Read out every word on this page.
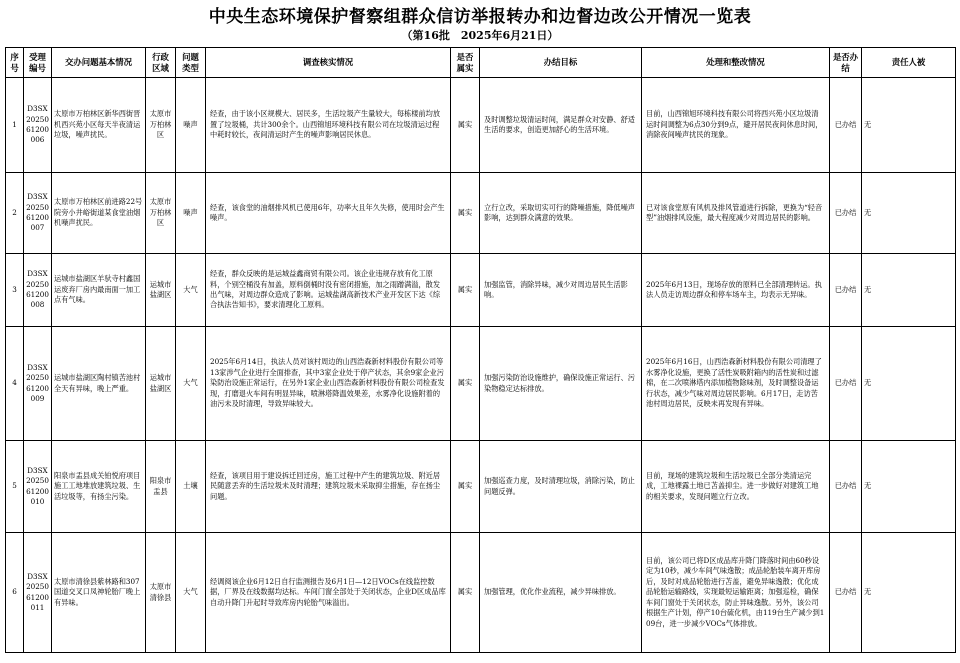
中央生态环境保护督察组群众信访举报转办和边督边改公开情况一览表
（第16批　2025年6月21日）
序号	受理编号	交办问题基本情况	行政区域	问题类型	调查核实情况	是否属实	办结目标	处理和整改情况	是否办结	责任人被
1	D3SX2025061200006	太原市万柏林区新华西街晋机西兴苑小区每天半夜清运垃圾，噪声扰民。	太原市万柏林区	噪声	经查，由于该小区规模大、居民多，生活垃圾产生量较大，每栋楼前均放置了垃圾桶，共计300余个。山西锦旭环境科技有限公司在垃圾清运过程中耗时较长，夜间清运时产生的噪声影响居民休息。	属实	及时调整垃圾清运时间，满足群众对安静、舒适生活的要求，创造更加舒心的生活环境。	目前，山西锦旭环境科技有限公司将西兴苑小区垃圾清运时间调整为6点30分到9点，避开居民夜间休息时间，消除夜间噪声扰民的现象。	已办结	无
2	D3SX2025061200007	太原市万柏林区前进路22号院旁小井峪街道某食堂油烟机噪声扰民。	太原市万柏林区	噪声	经查，该食堂的油烟排风机已使用6年，功率大且年久失修，使用时会产生噪声。	属实	立行立改，采取切实可行的降噪措施，降低噪声影响，达到群众满意的效果。	已对该食堂原有风机及排风管道进行拆除，更换为“轻音型”油烟排风设施，最大程度减少对周边居民的影响。	已办结	无
3	D3SX2025061200008	运城市盐湖区羊驮寺村鑫国运废弃厂房内最南面一加工点有气味。	运城市盐湖区	大气	经查，群众反映的是运城益鑫商贸有限公司。该企业违规存放有化工原料，个别空桶没有加盖，原料倒桶时没有密闭措施，加之雨蹭满溢，散发出气味，对周边群众造成了影响。运城盐湖高新技术产业开发区下达《综合执法告知书》，要求清理化工原料。	属实	加强监管，消除异味，减少对周边居民生活影响。	2025年6月13日，现场存放的原料已全部清理转运。执法人员走访周边群众和停车场车主，均表示无异味。	已办结	无
4	D3SX2025061200009	运城市盐湖区陶村镇苦池村全天有异味，晚上严重。	运城市盐湖区	大气	2025年6月14日，执法人员对该村周边的山西浩森新材料股份有限公司等13家涉气企业进行全面排查，其中3家企业处于停产状态，其余9家企业污染防治设施正常运行，在另外1家企业山西浩森新材料股份有限公司检查发现，打磨退火车间有明显异味，喷淋塔降温效果差，水雾净化设施附着的油污未及时清理，导致异味较大。	属实	加强污染防治设施维护，确保设施正常运行、污染物稳定达标排放。	2025年6月16日，山西浩森新材料股份有限公司清理了水雾净化设施，更换了活性炭吸附箱内的活性炭和过滤棉，在二次喷淋塔内添加植物除味剂，及时调整设备运行状态，减少气味对周边居民影响。6月17日，走访苦池村周边居民，反映未再发现有异味。	已办结	无
5	D3SX2025061200010	阳泉市盂县成关铂悦府项目施工工地堆放建筑垃圾、生活垃圾等，有扬尘污染。	阳泉市盂县	土壤	经查，该项目用于建设拆迁回迁房，施工过程中产生的建筑垃圾、附近居民随意丢弃的生活垃圾未及时清理；建筑垃圾未采取抑尘措施，存在扬尘问题。	属实	加强巡查力度，及时清理垃圾，消除污染，防止问题反弹。	目前，现场的建筑垃圾和生活垃圾已全部分类清运完成，工地裸露土地已苫盖抑尘。进一步做好对建筑工地的相关要求，发现问题立行立改。	已办结	无
6	D3SX2025061200011	太原市清徐县紫林路和307国道交叉口凤神轮胎厂晚上有异味。	太原市清徐县	大气	经调阅该企业6月12日自行监测报告及6月1日—12日VOCs在线监控数据，厂界及在线数据均达标。车间门窗全部处于关闭状态，企业D区成品库自动升降门升起时导致库房内轮胎气味溢出。	属实	加强管理，优化作业流程，减少异味排放。	目前，该公司已将D区成品库升降门降落时间由60秒设定为10秒，减少车间气味逸散；成品轮胎装车离开库房后，及时对成品轮胎进行苫盖，避免异味逸散；优化成品轮胎运输路线，实现最短运输距离；加强巡检，确保车间门窗处于关闭状态，防止异味逸散。另外，该公司根据生产计划，停产10台硫化机，由119台生产减少到109台，进一步减少VOCs气体排放。	已办结	无
